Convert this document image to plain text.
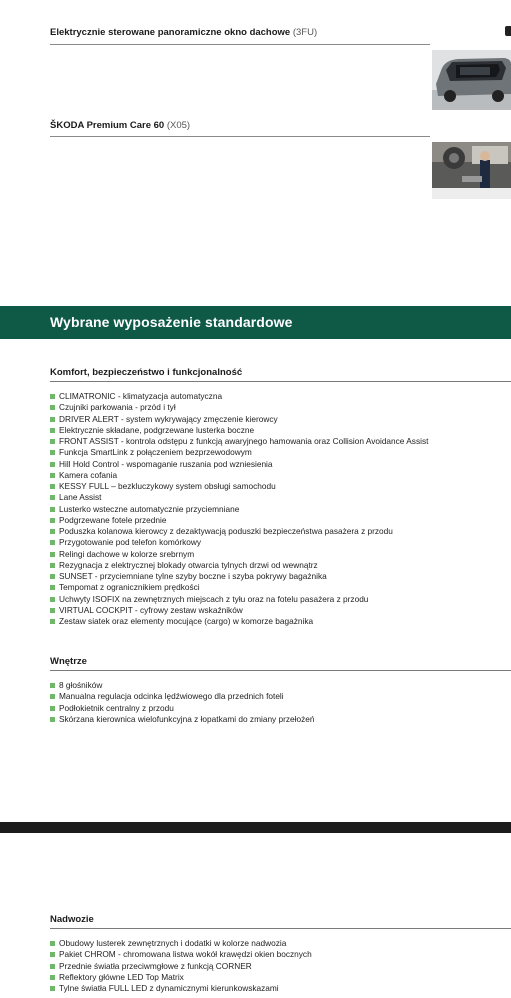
Elektrycznie sterowane panoramiczne okno dachowe (3FU)
ŠKODA Premium Care 60 (X05)
Wybrane wyposażenie standardowe
Komfort, bezpieczeństwo i funkcjonalność
CLIMATRONIC - klimatyzacja automatyczna
Czujniki parkowania - przód i tył
DRIVER ALERT - system wykrywający zmęczenie kierowcy
Elektrycznie składane, podgrzewane lusterka boczne
FRONT ASSIST - kontrola odstępu z funkcją awaryjnego hamowania oraz Collision Avoidance Assist
Funkcja SmartLink z połączeniem bezprzewodowym
Hill Hold Control - wspomaganie ruszania pod wzniesienia
Kamera cofania
KESSY FULL – bezkluczykowy system obsługi samochodu
Lane Assist
Lusterko wsteczne automatycznie przyciemniane
Podgrzewane fotele przednie
Poduszka kolanowa kierowcy z dezaktywacją poduszki bezpieczeństwa pasażera z przodu
Przygotowanie pod telefon komórkowy
Relingi dachowe w kolorze srebrnym
Rezygnacja z elektrycznej blokady otwarcia tylnych drzwi od wewnątrz
SUNSET - przyciemniane tylne szyby boczne i szyba pokrywy bagażnika
Tempomat z ogranicznikiem prędkości
Uchwyty ISOFIX na zewnętrznych miejscach z tyłu oraz na fotelu pasażera z przodu
VIRTUAL COCKPIT - cyfrowy zestaw wskaźników
Zestaw siatek oraz elementy mocujące (cargo) w komorze bagażnika
Wnętrze
8 głośników
Manualna regulacja odcinka lędźwiowego dla przednich foteli
Podłokietnik centralny z przodu
Skórzana kierownica wielofunkcyjna z łopatkami do zmiany przełożeń
Nadwozie
Obudowy lusterek zewnętrznych i dodatki w kolorze nadwozia
Pakiet CHROM - chromowana listwa wokół krawędzi okien bocznych
Przednie światła przeciwmgłowe z funkcją CORNER
Reflektory główne LED Top Matrix
Tylne światła FULL LED z dynamicznymi kierunkowskazami
